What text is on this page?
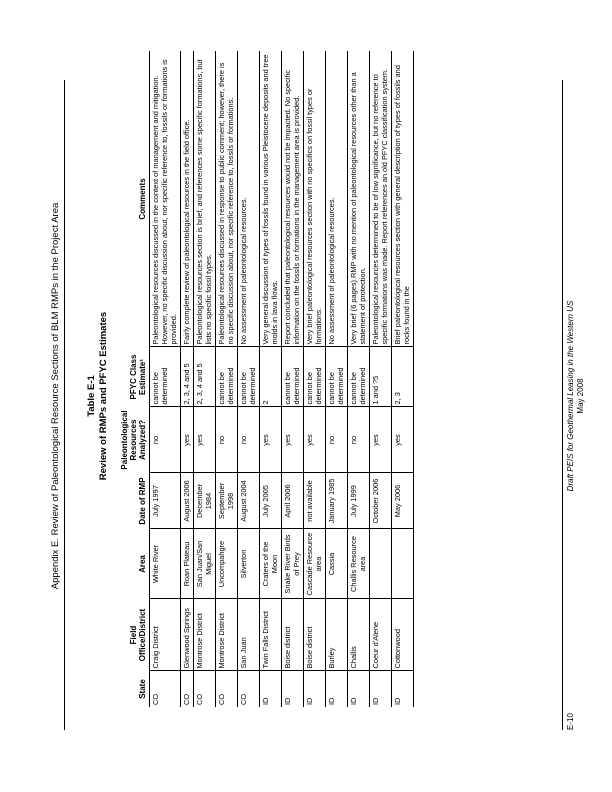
Appendix E. Review of Paleontological Resource Sections of BLM RMPs in the Project Area	Table E-1 Review of RMPs and PFYC Estimates
State	Field Office/District	Area	Date of RMP	Paleontological Resources Analyzed?	PFYC Class Estimate¹	Comments
CO	Craig District	White River	July 1997	no	cannot be determined	Paleontological resources discussed in the context of management and mitigation. However, no specific discussion about, nor specific reference to, fossils or formations is provided.
CO	Glenwood Springs	Roan Plateau	August 2006	yes	2, 3, 4 and 5	Fairly complete review of paleontological resources in the field office.
CO	Montrose District	San Juan/San Miguel	December 1984	yes	2, 3, 4 and 5	Paleontological resources section is brief, and references some specific formations, but lists no specific fossil types.
CO	Montrose District	Uncompahgre	September 1998	no	cannot be determined	Paleontological resources discussed in response to public comment; however, there is no specific discussion about, nor specific reference to, fossils or formations.
CO	San Juan	Silverton	August 2004	no	cannot be determined	No assessment of paleontological resources.
ID	Twin Falls District	Craters of the Moon	July 2005	yes	2	Very general discussion of types of fossils found in various Pleistocene deposits and tree molds in lava flows.
ID	Boise district	Snake River Birds of Prey	April 2006	yes	cannot be determined	Report concluded that paleontological resources would not be impacted. No specific information on the fossils or formations in the management area is provided.
ID	Boise district	Cascade Resource area	not available	yes	cannot be determined	Very brief paleontological resources section with no specifics on fossil types or formations.
ID	Burley	Cassia	January 1985	no	cannot be determined	No assessment of paleontological resources.
ID	Challis	Challis Resource area	July 1999	no	cannot be determined	Very brief (6 pages) RMP with no mention of paleontological resources other than a statement of protection.
ID	Coeur d'Alene		October 2006	yes	1 and ?5	Paleontological resources determined to be of low significance, but no reference to specific formations was made. Report references an old PFYC classification system.
ID	Cottonwood		May 2006	yes	2, 3	Brief paleontological resources section with general description of types of fossils and rocks found in the
E-10
Draft PEIS for Geothermal Leasing in the Western US May 2008
